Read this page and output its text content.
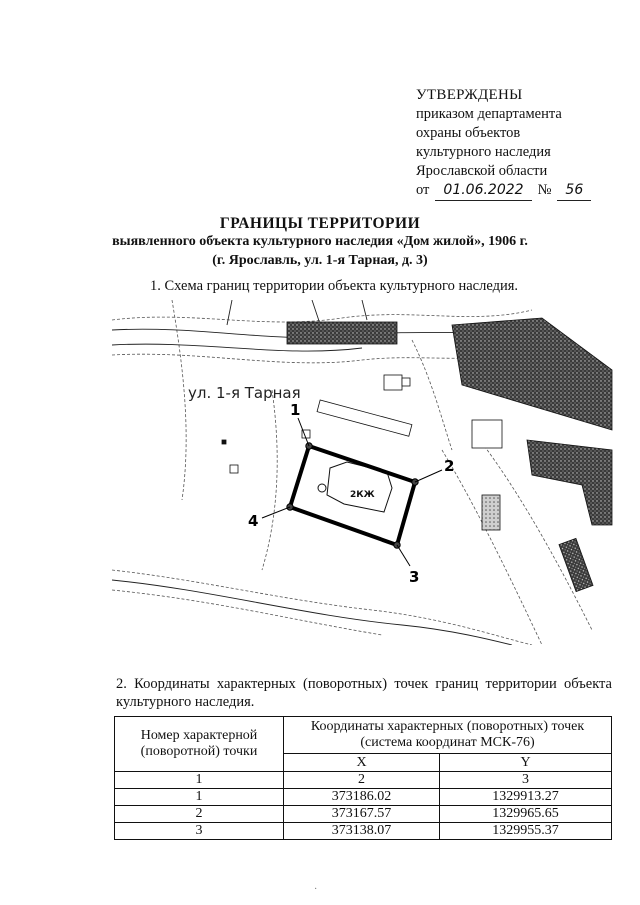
УТВЕРЖДЕНЫ
приказом департамента
охраны объектов
культурного наследия
Ярославской области
от	01.06.2022 №	56
ГРАНИЦЫ ТЕРРИТОРИИ
выявленного объекта культурного наследия «Дом жилой», 1906 г.
(г. Ярославль, ул. 1-я Тарная, д. 3)
1. Схема границ территории объекта культурного наследия.
2КЖ
1
2
3
4
ул. 1-я Тарная
2. Координаты характерных (поворотных) точек границ территории объекта культурного наследия.
Номер характерной (поворотной) точки	Координаты характерных (поворотных) точек (система координат МСК-76)	
	X	Y
1	2	3
1	373186.02	1329913.27
2	373167.57	1329965.65
3	373138.07	1329955.37
·
